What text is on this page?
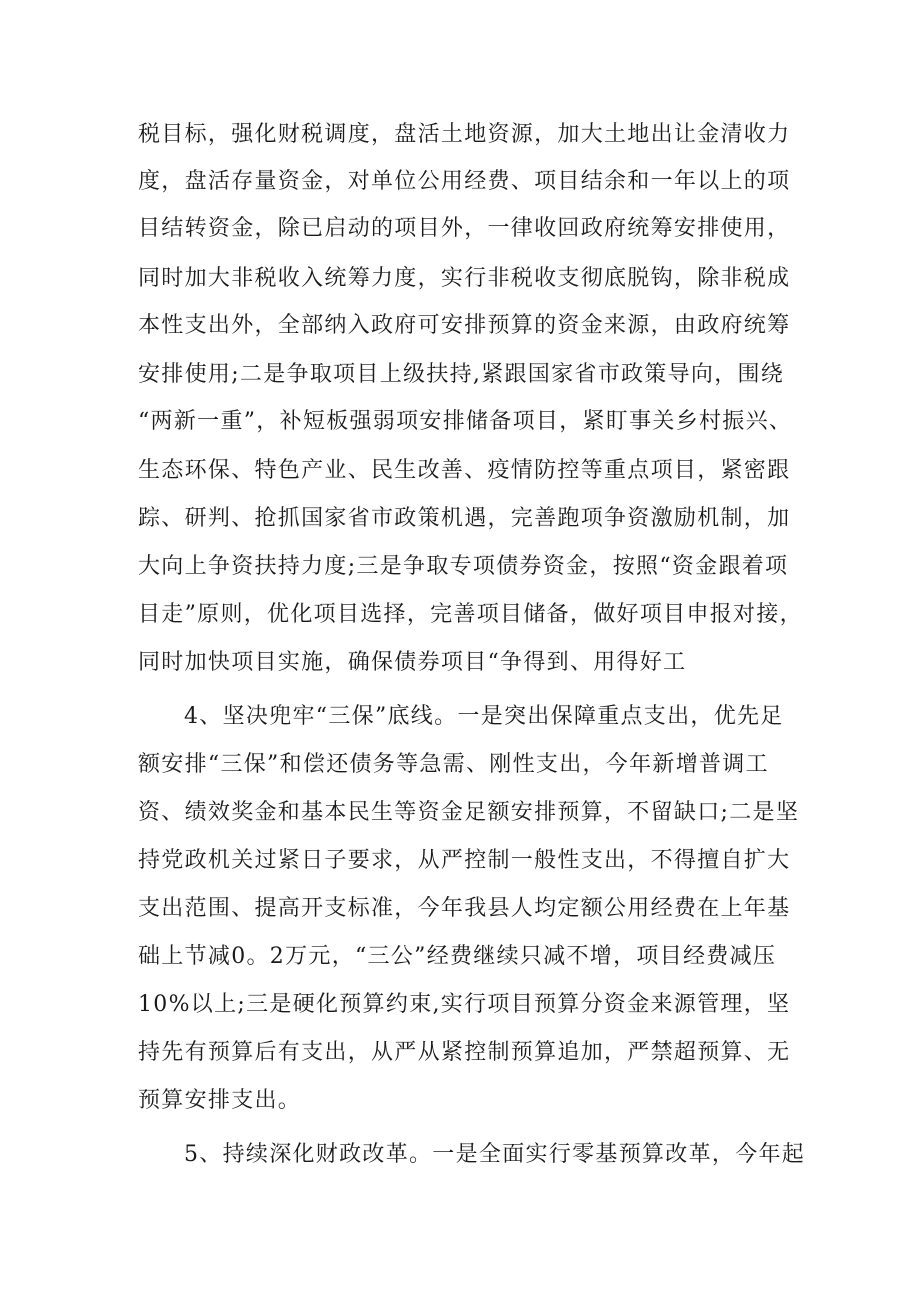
税目标，强化财税调度，盘活土地资源，加大土地出让金清收力
度，盘活存量资金，对单位公用经费、项目结余和一年以上的项
目结转资金，除已启动的项目外，一律收回政府统筹安排使用，
同时加大非税收入统筹力度，实行非税收支彻底脱钩，除非税成
本性支出外，全部纳入政府可安排预算的资金来源，由政府统筹
安排使用;二是争取项目上级扶持,紧跟国家省市政策导向，围绕
“两新一重”，补短板强弱项安排储备项目，紧盯事关乡村振兴、
生态环保、特色产业、民生改善、疫情防控等重点项目，紧密跟
踪、研判、抢抓国家省市政策机遇，完善跑项争资激励机制，加
大向上争资扶持力度;三是争取专项债券资金，按照“资金跟着项
目走”原则，优化项目选择，完善项目储备，做好项目申报对接，
同时加快项目实施，确保债券项目“争得到、用得好工
4、坚决兜牢“三保”底线。一是突出保障重点支出，优先足
额安排“三保”和偿还债务等急需、刚性支出，今年新增普调工
资、绩效奖金和基本民生等资金足额安排预算，不留缺口;二是坚
持党政机关过紧日子要求，从严控制一般性支出，不得擅自扩大
支出范围、提高开支标准，今年我县人均定额公用经费在上年基
础上节减0。2万元，“三公”经费继续只减不增，项目经费减压
10%以上;三是硬化预算约束,实行项目预算分资金来源管理，坚
持先有预算后有支出，从严从紧控制预算追加，严禁超预算、无
预算安排支出。
5、持续深化财政改革。一是全面实行零基预算改革，今年起
